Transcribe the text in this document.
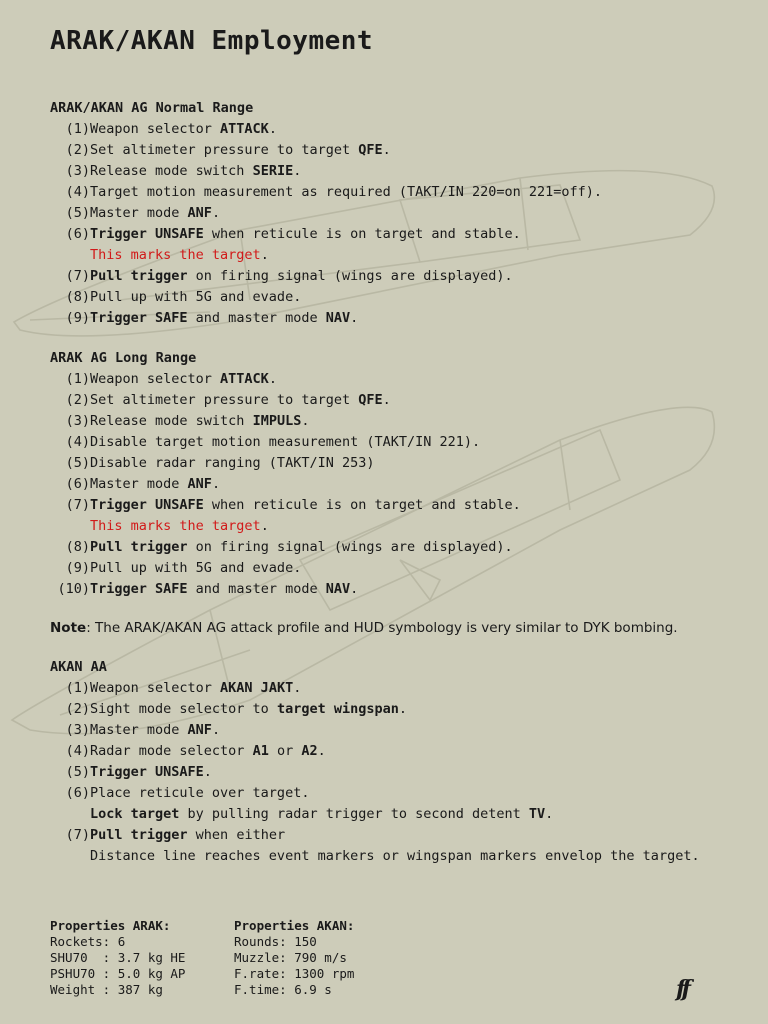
ARAK/AKAN Employment
ARAK/AKAN AG Normal Range
(1) Weapon selector ATTACK.
(2) Set altimeter pressure to target QFE.
(3) Release mode switch SERIE.
(4) Target motion measurement as required (TAKT/IN 220=on 221=off).
(5) Master mode ANF.
(6) Trigger UNSAFE when reticule is on target and stable.
This marks the target.
(7) Pull trigger on firing signal (wings are displayed).
(8) Pull up with 5G and evade.
(9) Trigger SAFE and master mode NAV.
ARAK AG Long Range
(1) Weapon selector ATTACK.
(2) Set altimeter pressure to target QFE.
(3) Release mode switch IMPULS.
(4) Disable target motion measurement (TAKT/IN 221).
(5) Disable radar ranging (TAKT/IN 253)
(6) Master mode ANF.
(7) Trigger UNSAFE when reticule is on target and stable.
This marks the target.
(8) Pull trigger on firing signal (wings are displayed).
(9) Pull up with 5G and evade.
(10) Trigger SAFE and master mode NAV.
Note: The ARAK/AKAN AG attack profile and HUD symbology is very similar to DYK bombing.
AKAN AA
(1) Weapon selector AKAN JAKT.
(2) Sight mode selector to target wingspan.
(3) Master mode ANF.
(4) Radar mode selector A1 or A2.
(5) Trigger UNSAFE.
(6) Place reticule over target.
Lock target by pulling radar trigger to second detent TV.
(7) Pull trigger when either
Distance line reaches event markers or wingspan markers envelop the target.
Properties ARAK:
Rockets: 6
SHU70  : 3.7 kg HE
PSHU70 : 5.0 kg AP
Weight : 387 kg
Properties AKAN:
Rounds: 150
Muzzle: 790 m/s
F.rate: 1300 rpm
F.time: 6.9 s	ff
